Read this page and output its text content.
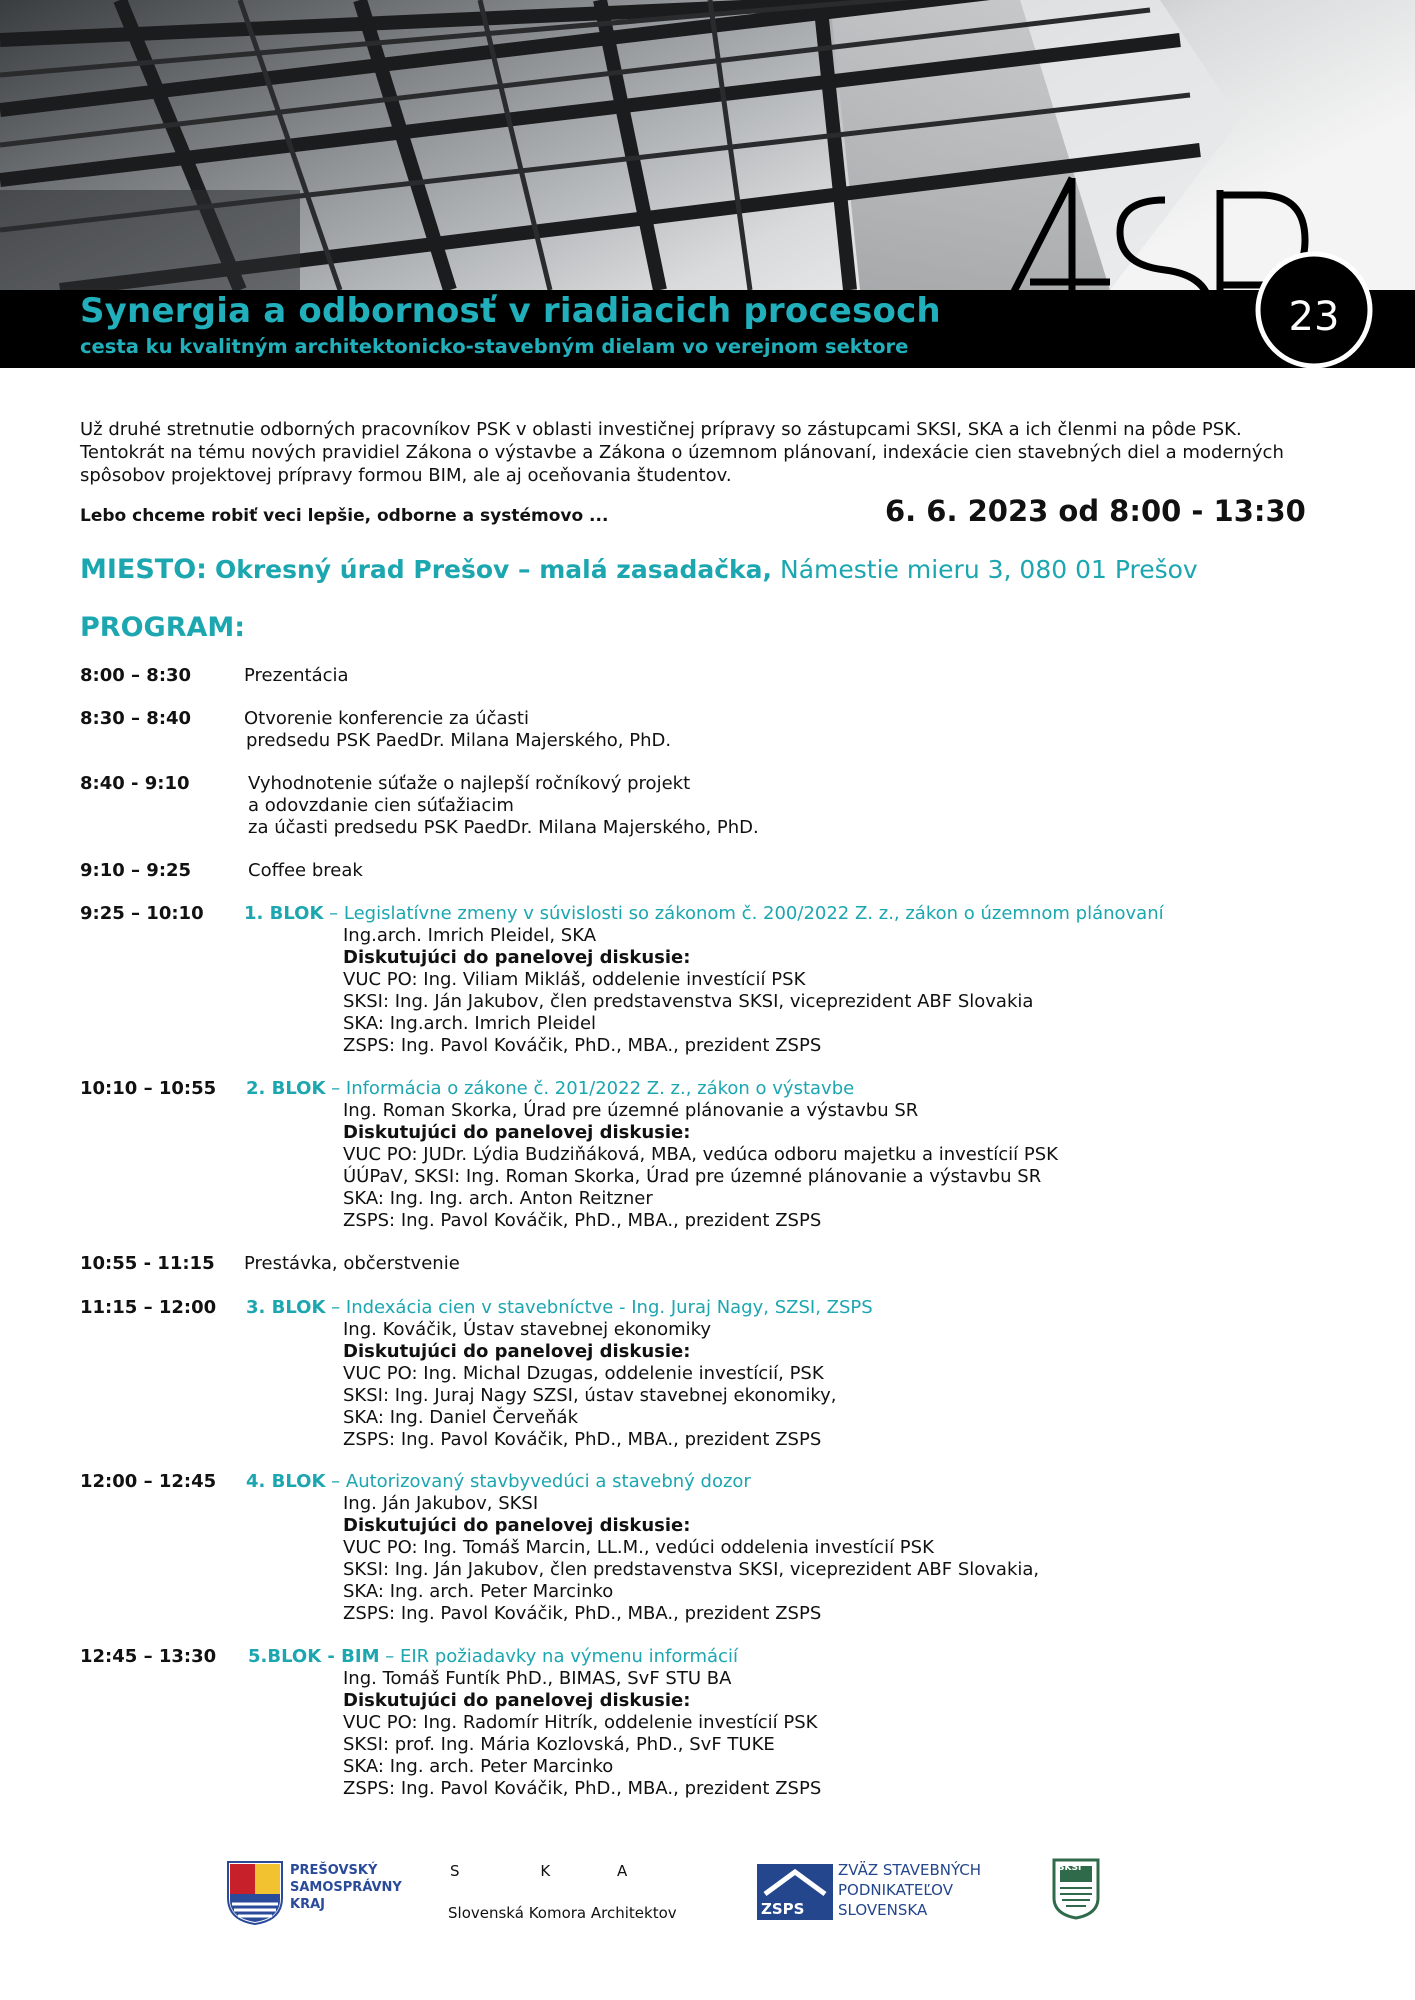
Synergia a odbornosť v riadiacich procesoch
cesta ku kvalitným architektonicko-stavebným dielam vo verejnom sektore
23

Už druhé stretnutie odborných pracovníkov PSK v oblasti investičnej prípravy so zástupcami SKSI, SKA a ich členmi na pôde PSK.

Tentokrát na tému nových pravidiel Zákona o výstavbe a Zákona o územnom plánovaní, indexácie cien stavebných diel a moderných

spôsobov projektovej prípravy formou BIM, ale aj oceňovania študentov.

Lebo chceme robiť veci lepšie, odborne a systémovo ...	6. 6. 2023 od 8:00 - 13:30
MIESTO: Okresný úrad Prešov – malá zasadačka, Námestie mieru 3, 080 01 Prešov
PROGRAM:
8:00 – 8:30	Prezentácia
8:30 – 8:40	Otvorenie konferencie za účasti
predsedu PSK PaedDr. Milana Majerského, PhD.
8:40 - 9:10	Vyhodnotenie súťaže o najlepší ročníkový projekt
a odovzdanie cien súťažiacim
za účasti predsedu PSK PaedDr. Milana Majerského, PhD.
9:10 – 9:25	Coffee break
9:25 – 10:10 1. BLOK – Legislatívne zmeny v súvislosti so zákonom č. 200/2022 Z. z., zákon o územnom plánovaní
Ing.arch. Imrich Pleidel, SKA
Diskutujúci do panelovej diskusie:
VUC PO: Ing. Viliam Mikláš, oddelenie investícií PSK
SKSI: Ing. Ján Jakubov, člen predstavenstva SKSI, viceprezident ABF Slovakia
SKA: Ing.arch. Imrich Pleidel
ZSPS: Ing. Pavol Kováčik, PhD., MBA., prezident ZSPS
10:10 – 10:55 2. BLOK – Informácia o zákone č. 201/2022 Z. z., zákon o výstavbe
Ing. Roman Skorka, Úrad pre územné plánovanie a výstavbu SR
Diskutujúci do panelovej diskusie:
VUC PO: JUDr. Lýdia Budziňáková, MBA, vedúca odboru majetku a investícií PSK
ÚÚPaV, SKSI: Ing. Roman Skorka, Úrad pre územné plánovanie a výstavbu SR
SKA: Ing. Ing. arch. Anton Reitzner
ZSPS: Ing. Pavol Kováčik, PhD., MBA., prezident ZSPS
10:55 - 11:15 Prestávka, občerstvenie
11:15 – 12:00 3. BLOK – Indexácia cien v stavebníctve - Ing. Juraj Nagy, SZSI, ZSPS
Ing. Kováčik, Ústav stavebnej ekonomiky
Diskutujúci do panelovej diskusie:
VUC PO: Ing. Michal Dzugas, oddelenie investícií, PSK
SKSI: Ing. Juraj Nagy SZSI, ústav stavebnej ekonomiky,
SKA: Ing. Daniel Červeňák
ZSPS: Ing. Pavol Kováčik, PhD., MBA., prezident ZSPS
12:00 – 12:45 4. BLOK – Autorizovaný stavbyvedúci a stavebný dozor
Ing. Ján Jakubov, SKSI
Diskutujúci do panelovej diskusie:
VUC PO: Ing. Tomáš Marcin, LL.M., vedúci oddelenia investícií PSK
SKSI: Ing. Ján Jakubov, člen predstavenstva SKSI, viceprezident ABF Slovakia,
SKA: Ing. arch. Peter Marcinko
ZSPS: Ing. Pavol Kováčik, PhD., MBA., prezident ZSPS
12:45 – 13:30 5.BLOK - BIM – EIR požiadavky na výmenu informácií
Ing. Tomáš Funtík PhD., BIMAS, SvF STU BA
Diskutujúci do panelovej diskusie:
VUC PO: Ing. Radomír Hitrík, oddelenie investícií PSK
SKSI: prof. Ing. Mária Kozlovská, PhD., SvF TUKE
SKA: Ing. arch. Peter Marcinko
ZSPS: Ing. Pavol Kováčik, PhD., MBA., prezident ZSPS
PREŠOVSKÝ
SAMOSPRÁVNY
KRAJ
S	K	A
Slovenská Komora Architektov	ZSPS
ZVÄZ STAVEBNÝCH
PODNIKATEĽOV
SLOVENSKA
SKSI
